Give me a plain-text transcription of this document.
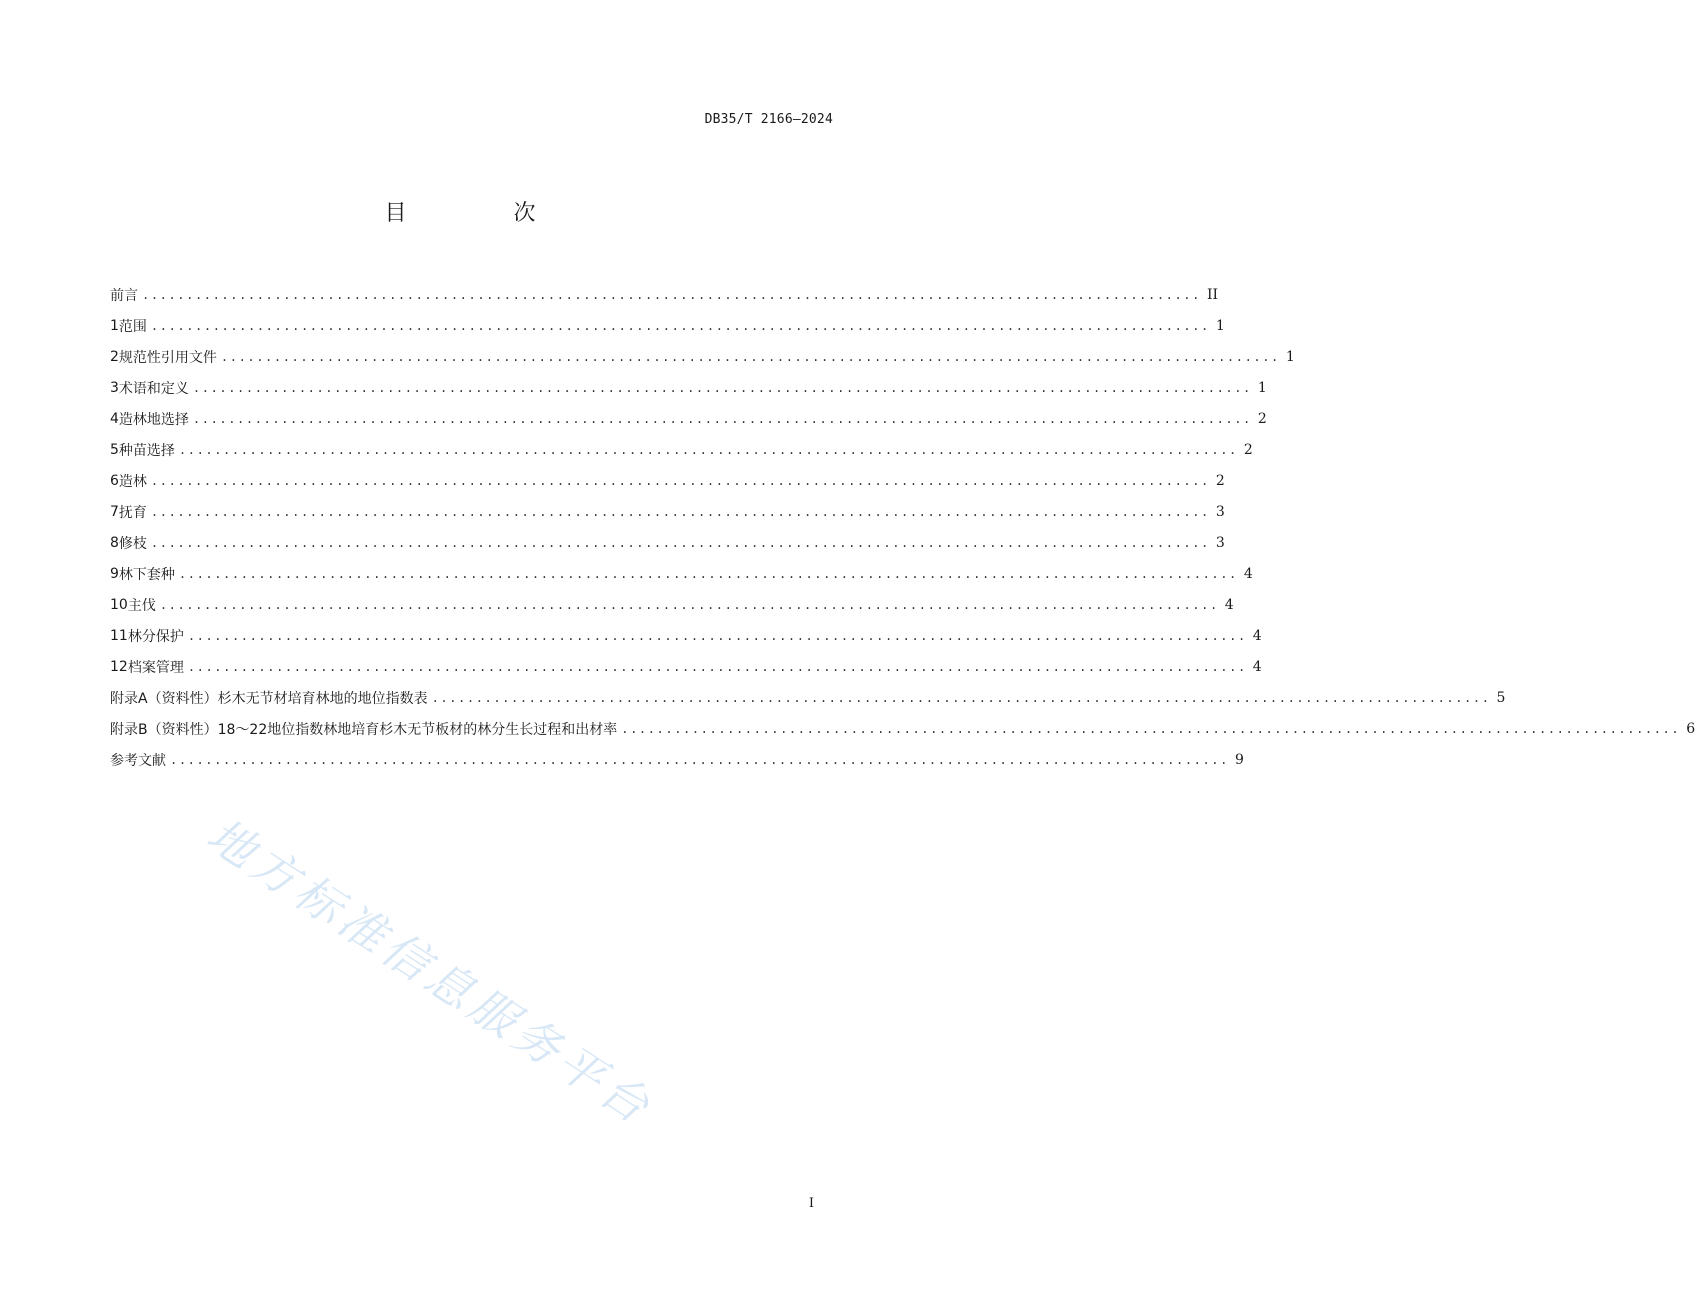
DB35/T 2166—2024
目 次
前言 ........................................................................................................................ II
1 范围 ........................................................................................................................ 1
2 规范性引用文件 ........................................................................................................................ 1
3 术语和定义 ........................................................................................................................ 1
4 造林地选择 ........................................................................................................................ 2
5 种苗选择 ........................................................................................................................ 2
6 造林 ........................................................................................................................ 2
7 抚育 ........................................................................................................................ 3
8 修枝 ........................................................................................................................ 3
9 林下套种 ........................................................................................................................ 4
10 主伐 ........................................................................................................................ 4
11 林分保护 ........................................................................................................................ 4
12 档案管理 ........................................................................................................................ 4
附录A（资料性） 杉木无节材培育林地的地位指数表 ........................................................................................................................ 5
附录B（资料性） 18～22地位指数林地培育杉木无节板材的林分生长过程和出材率 ........................................................................................................................ 6
参考文献 ........................................................................................................................ 9
地方标准信息服务平台
I
